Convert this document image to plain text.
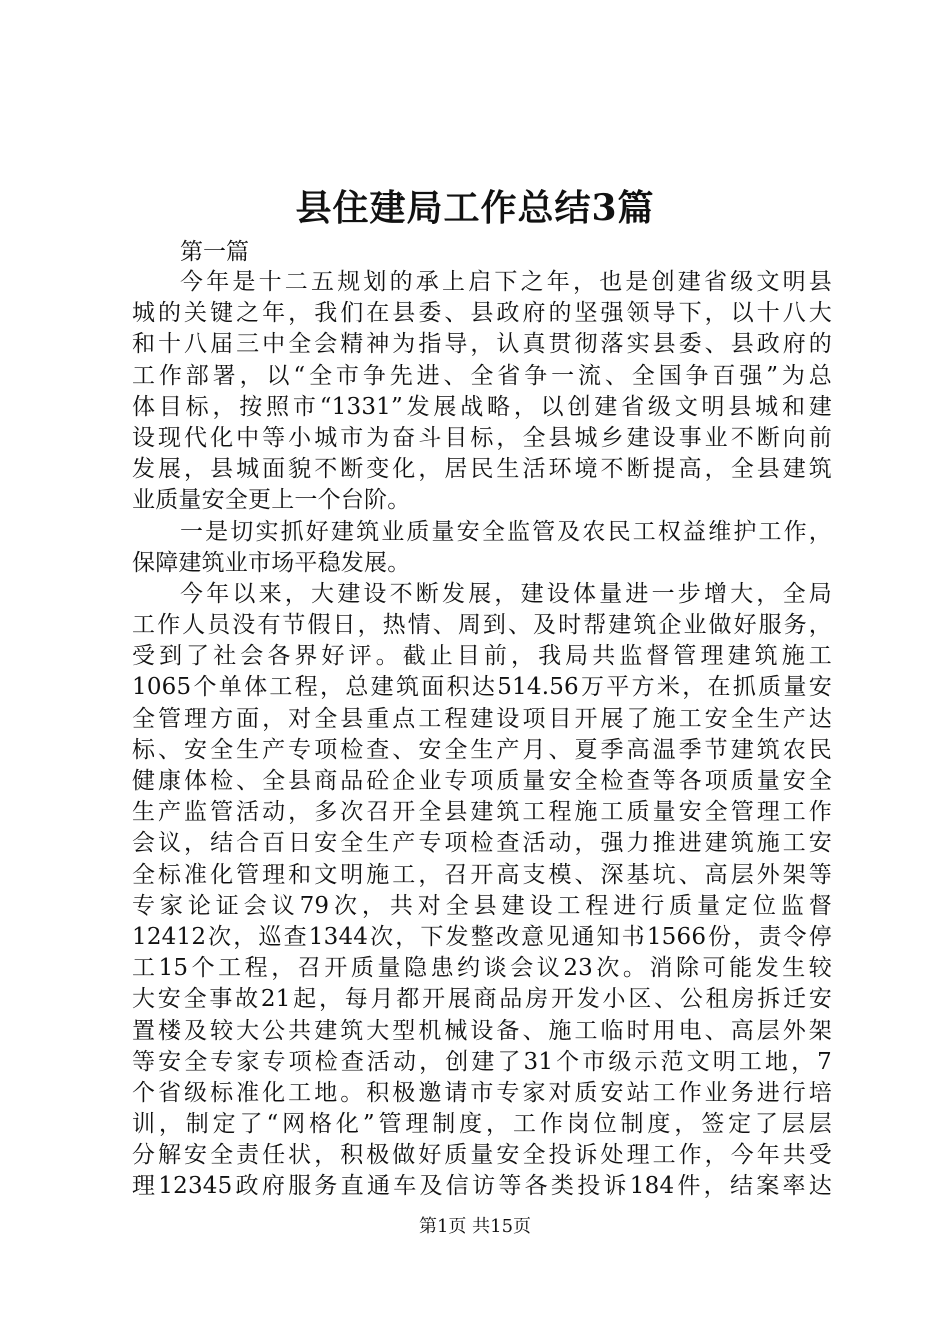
县住建局工作总结3篇

第一篇

今年是十二五规划的承上启下之年，也是创建省级文明县
城的关键之年，我们在县委、县政府的坚强领导下，以十八大
和十八届三中全会精神为指导，认真贯彻落实县委、县政府的
工作部署，以“全市争先进、全省争一流、全国争百强”为总
体目标，按照市“1331”发展战略，以创建省级文明县城和建
设现代化中等小城市为奋斗目标，全县城乡建设事业不断向前
发展，县城面貌不断变化，居民生活环境不断提高，全县建筑
业质量安全更上一个台阶。
一是切实抓好建筑业质量安全监管及农民工权益维护工作，
保障建筑业市场平稳发展。
今年以来，大建设不断发展，建设体量进一步增大，全局
工作人员没有节假日，热情、周到、及时帮建筑企业做好服务，
受到了社会各界好评。截止目前，我局共监督管理建筑施工
1065个单体工程，总建筑面积达514.56万平方米，在抓质量安
全管理方面，对全县重点工程建设项目开展了施工安全生产达
标、安全生产专项检查、安全生产月、夏季高温季节建筑农民
健康体检、全县商品砼企业专项质量安全检查等各项质量安全
生产监管活动，多次召开全县建筑工程施工质量安全管理工作
会议，结合百日安全生产专项检查活动，强力推进建筑施工安
全标准化管理和文明施工，召开高支模、深基坑、高层外架等
专家论证会议79次，共对全县建设工程进行质量定位监督
12412次，巡查1344次，下发整改意见通知书1566份，责令停
工15个工程，召开质量隐患约谈会议23次。消除可能发生较
大安全事故21起，每月都开展商品房开发小区、公租房拆迁安
置楼及较大公共建筑大型机械设备、施工临时用电、高层外架
等安全专家专项检查活动，创建了31个市级示范文明工地，7
个省级标准化工地。积极邀请市专家对质安站工作业务进行培
训，制定了“网格化”管理制度，工作岗位制度，签定了层层
分解安全责任状，积极做好质量安全投诉处理工作，今年共受
理12345政府服务直通车及信访等各类投诉184件，结案率达

第1页 共15页
